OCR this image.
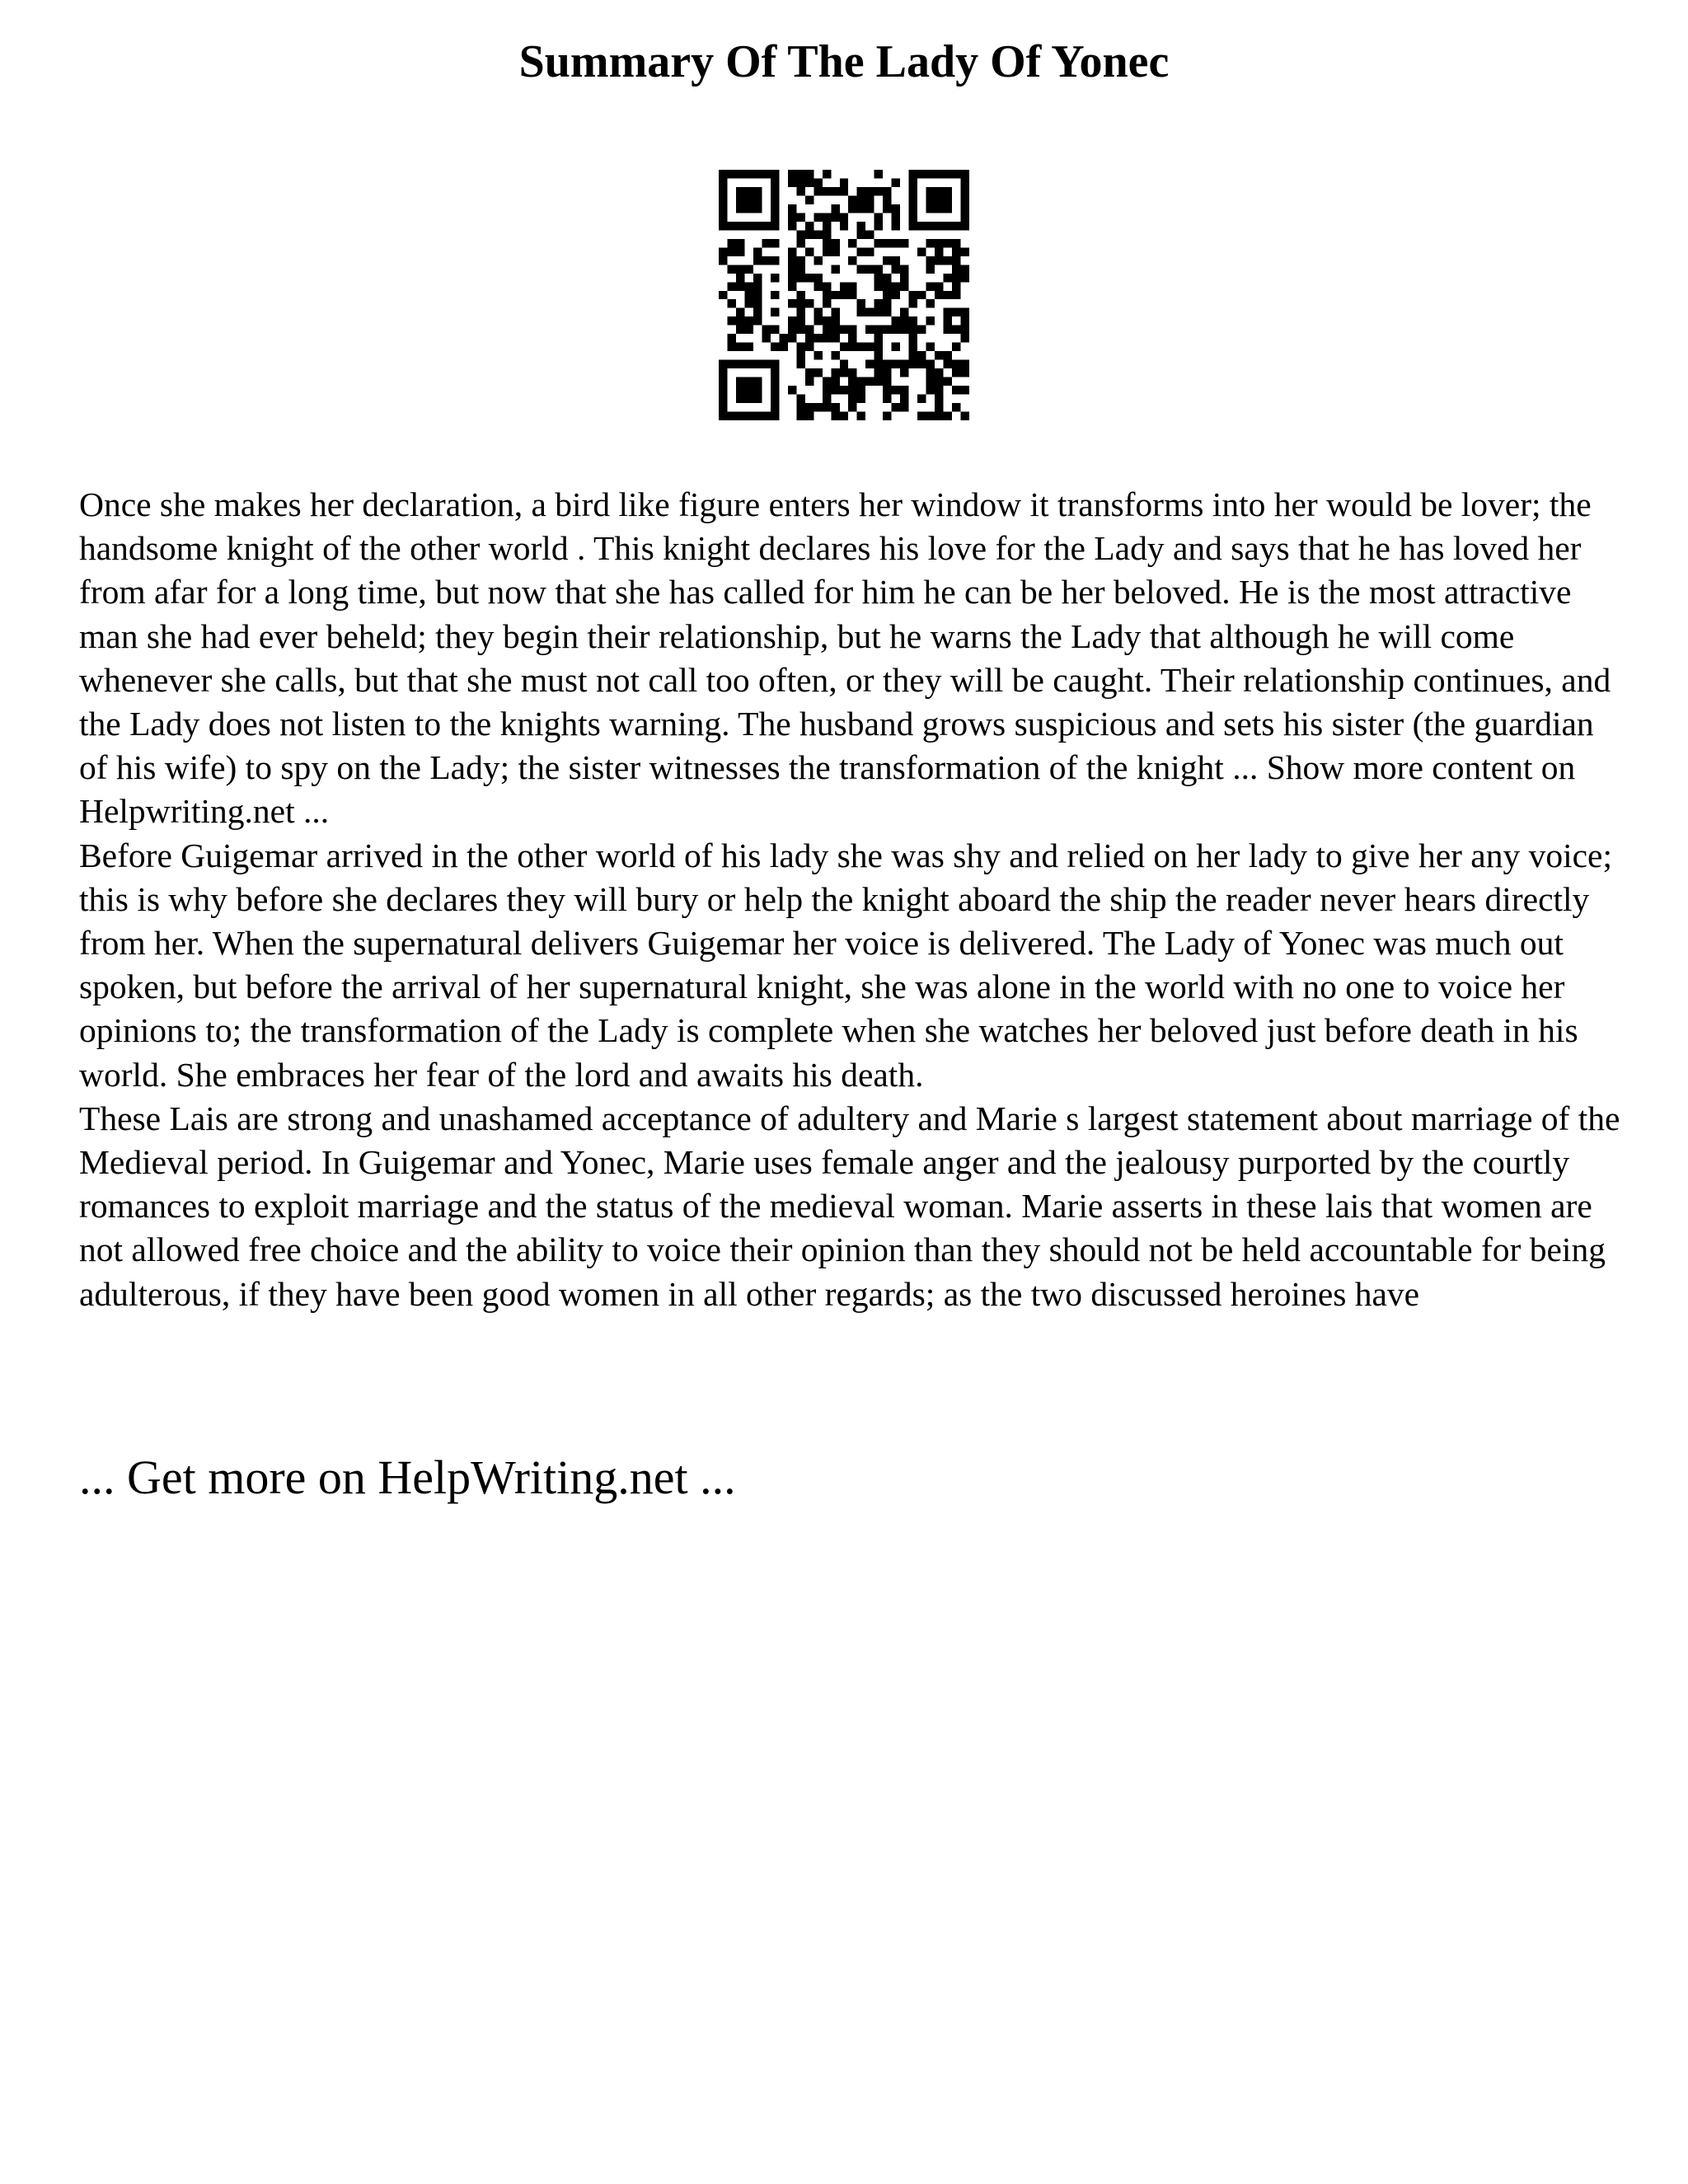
Summary Of The Lady Of Yonec

Once she makes her declaration, a bird like figure enters her window it transforms into her would be lover; the handsome knight of the other world . This knight declares his love for the Lady and says that he has loved her from afar for a long time, but now that she has called for him he can be her beloved. He is the most attractive man she had ever beheld; they begin their relationship, but he warns the Lady that although he will come whenever she calls, but that she must not call too often, or they will be caught. Their relationship continues, and the Lady does not listen to the knights warning. The husband grows suspicious and sets his sister (the guardian of his wife) to spy on the Lady; the sister witnesses the transformation of the knight ... Show more content on Helpwriting.net ...

Before Guigemar arrived in the other world of his lady she was shy and relied on her lady to give her any voice; this is why before she declares they will bury or help the knight aboard the ship the reader never hears directly from her. When the supernatural delivers Guigemar her voice is delivered. The Lady of Yonec was much out spoken, but before the arrival of her supernatural knight, she was alone in the world with no one to voice her opinions to; the transformation of the Lady is complete when she watches her beloved just before death in his world. She embraces her fear of the lord and awaits his death.

These Lais are strong and unashamed acceptance of adultery and Marie s largest statement about marriage of the Medieval period. In Guigemar and Yonec, Marie uses female anger and the jealousy purported by the courtly romances to exploit marriage and the status of the medieval woman. Marie asserts in these lais that women are not allowed free choice and the ability to voice their opinion than they should not be held accountable for being adulterous, if they have been good women in all other regards; as the two discussed heroines have

... Get more on HelpWriting.net ...
